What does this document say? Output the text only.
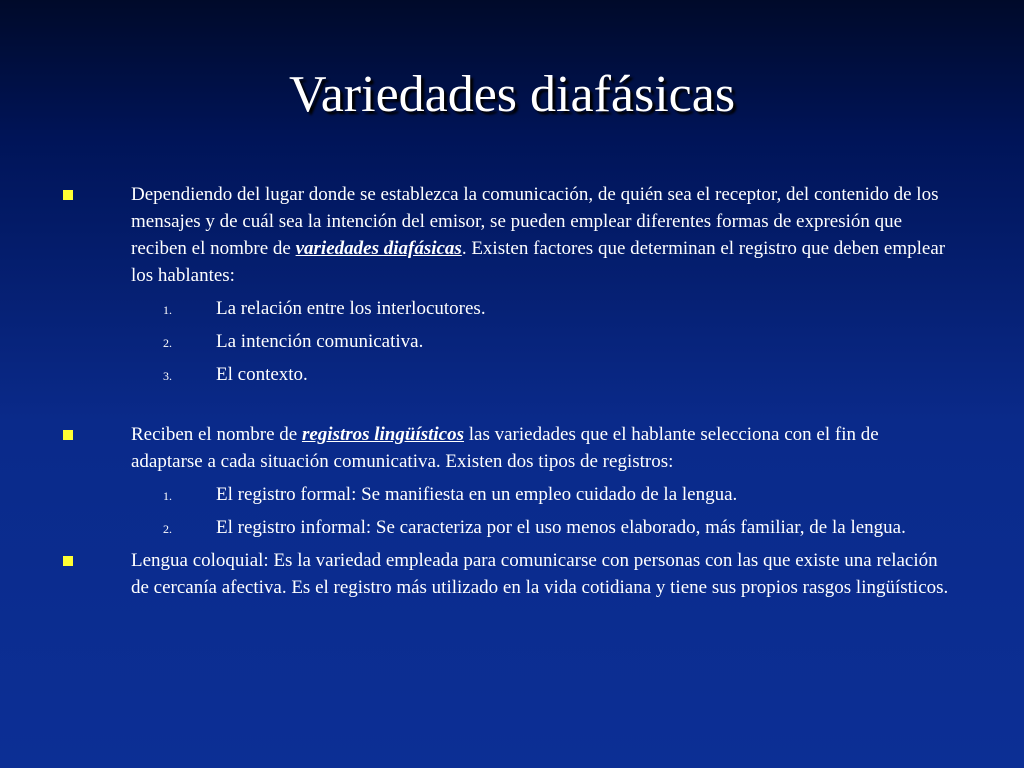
Variedades diafásicas
Dependiendo del lugar donde se establezca la comunicación, de quién sea el receptor, del contenido de los mensajes y de cuál sea la intención del emisor, se pueden emplear diferentes formas de expresión que reciben el nombre de variedades diafásicas. Existen factores que determinan el registro que deben emplear los hablantes:
1.	La relación entre los interlocutores.
2.	La intención comunicativa.
3.	El contexto.
Reciben el nombre de registros lingüísticos las variedades que el hablante selecciona con el fin de adaptarse a cada situación comunicativa. Existen dos tipos de registros:
1.	El registro formal: Se manifiesta en un empleo cuidado de la lengua.
2.	El registro informal: Se caracteriza por el uso menos elaborado, más familiar, de la lengua.
Lengua coloquial: Es la variedad empleada para comunicarse con personas con las que existe una relación de cercanía afectiva. Es el registro más utilizado en la vida cotidiana y tiene sus propios rasgos lingüísticos.
